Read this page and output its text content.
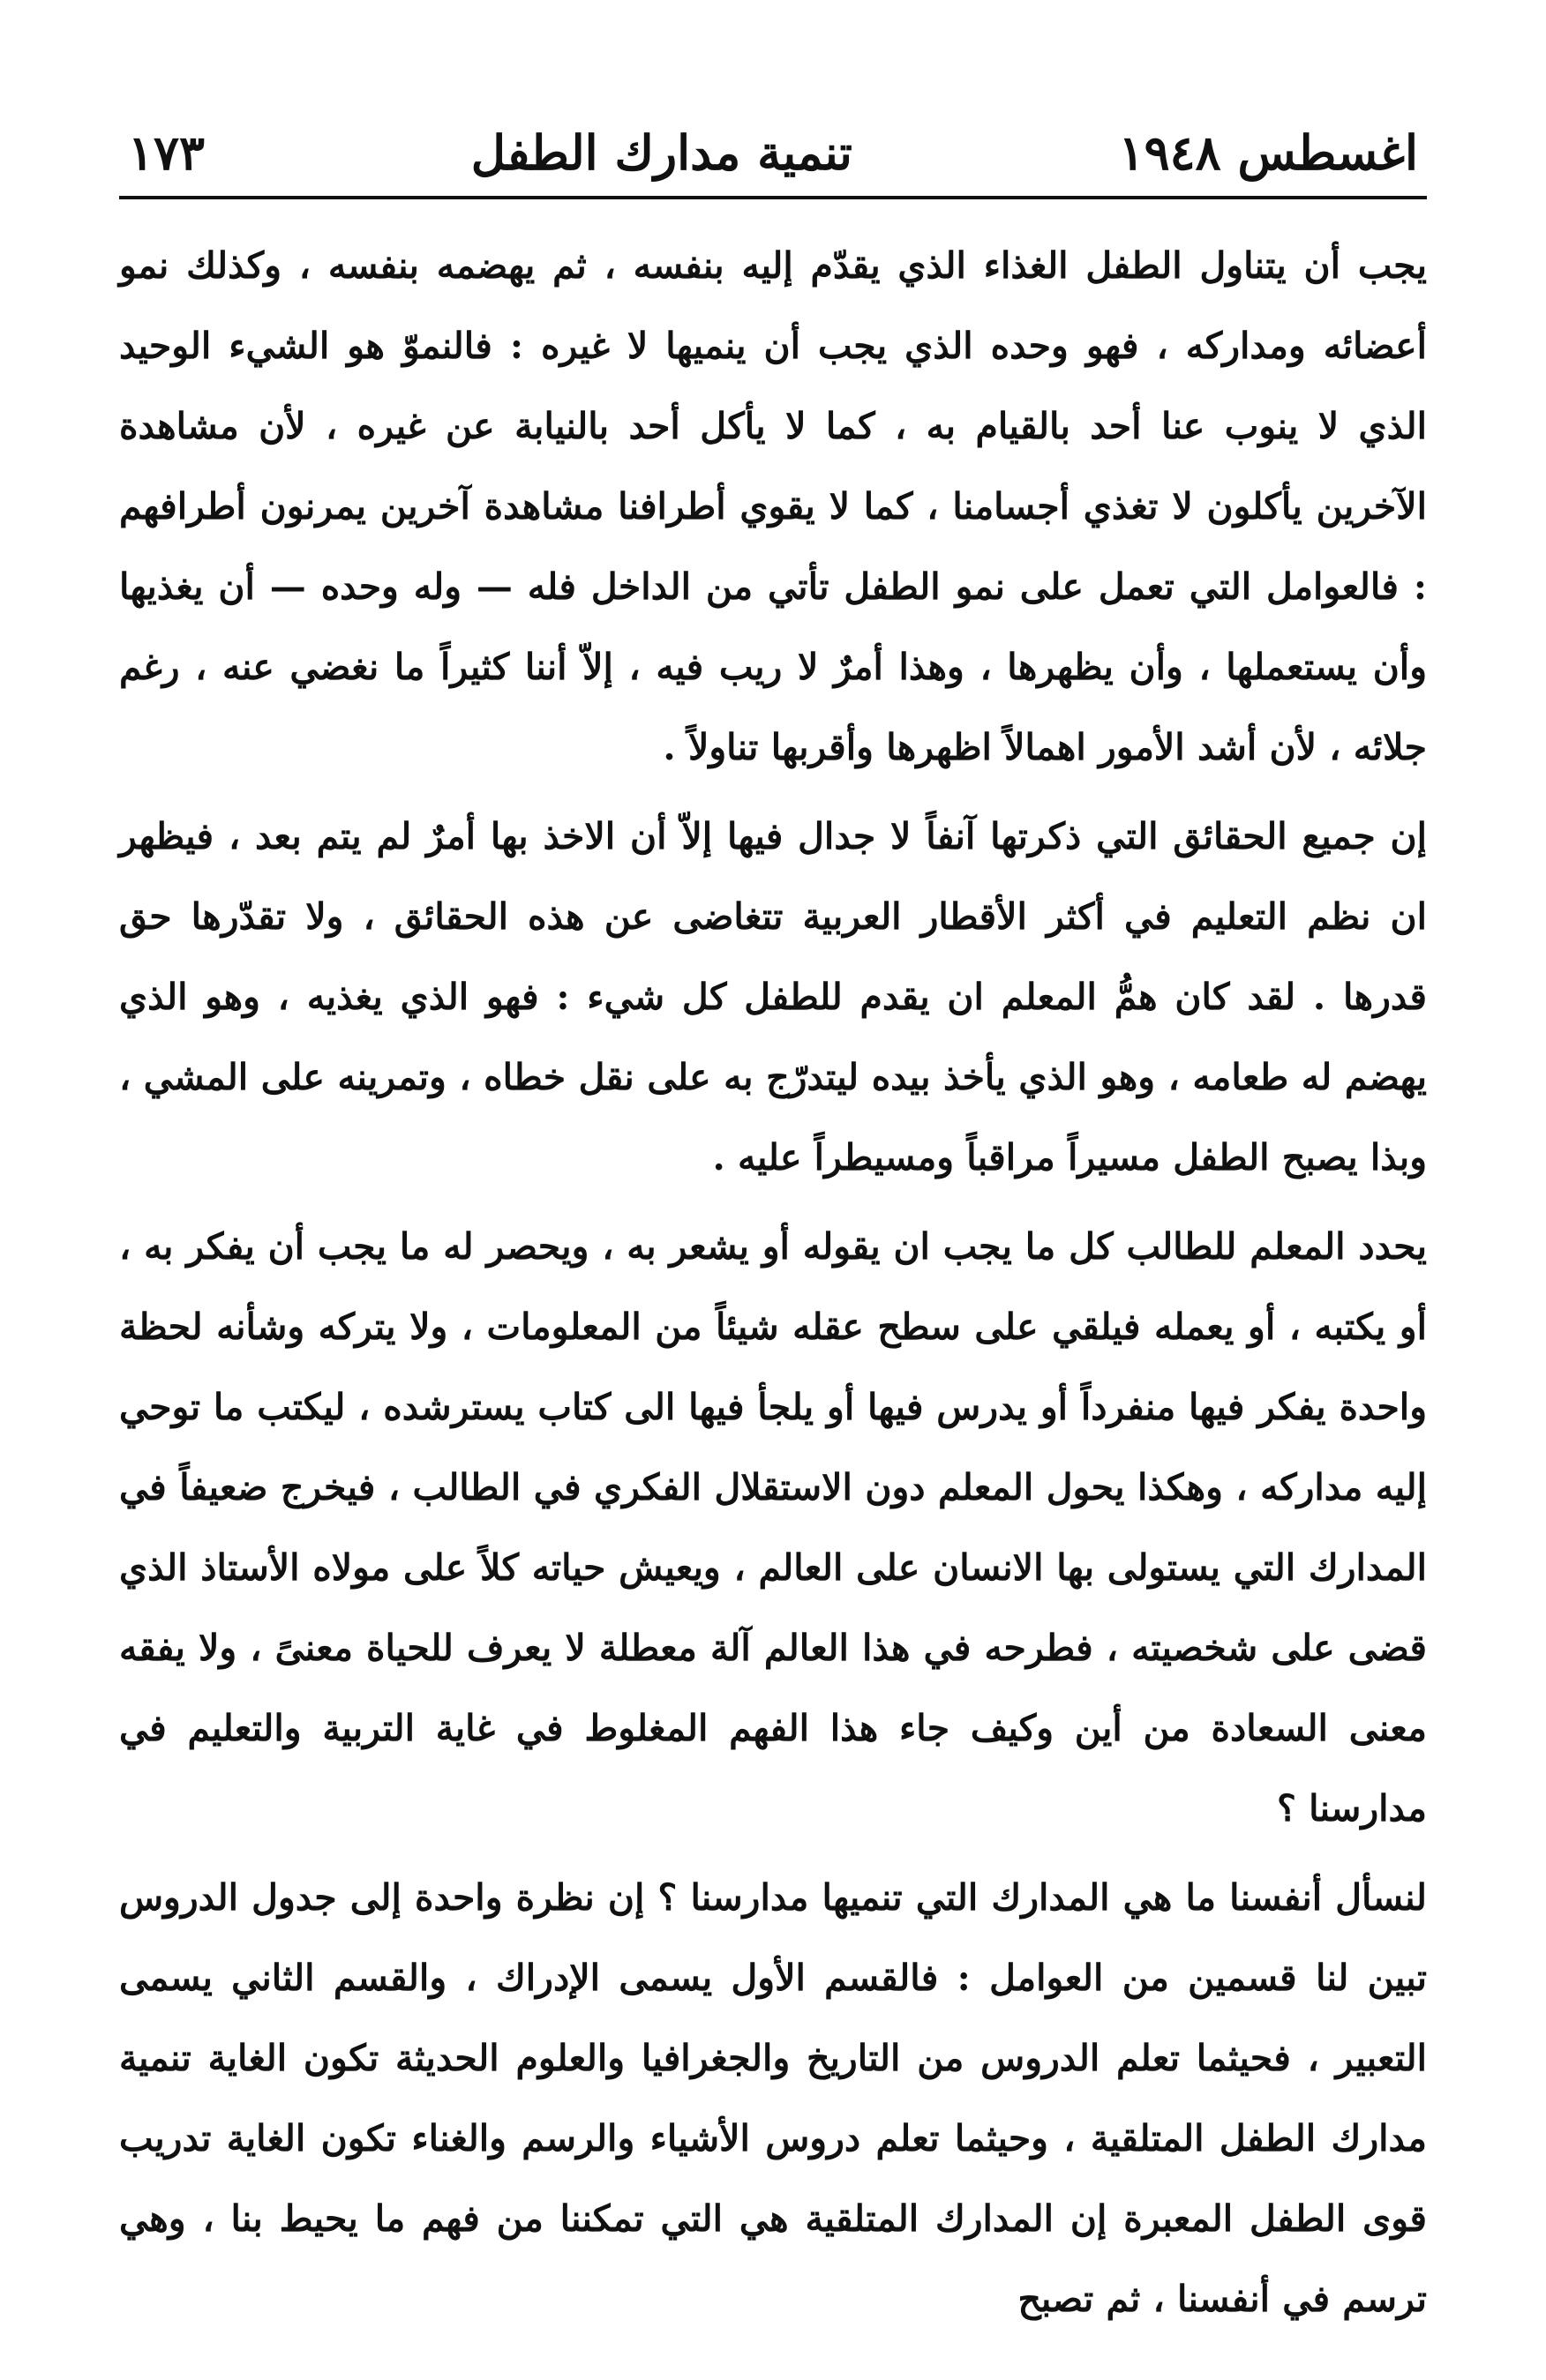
اغسطس ١٩٤٨
تنمية مدارك الطفل
١٧٣

يجب أن يتناول الطفل الغذاء الذي يقدّم إليه بنفسه ، ثم يهضمه بنفسه ، وكذلك نمو أعضائه ومداركه ، فهو وحده الذي يجب أن ينميها لا غيره : فالنموّ هو الشيء الوحيد الذي لا ينوب عنا أحد بالقيام به ، كما لا يأكل أحد بالنيابة عن غيره ، لأن مشاهدة الآخرين يأكلون لا تغذي أجسامنا ، كما لا يقوي أطرافنا مشاهدة آخرين يمرنون أطرافهم : فالعوامل التي تعمل على نمو الطفل تأتي من الداخل فله — وله وحده — أن يغذيها وأن يستعملها ، وأن يظهرها ، وهذا أمرٌ لا ريب فيه ، إلاّ أننا كثيراً ما نغضي عنه ، رغم جلائه ، لأن أشد الأمور اهمالاً اظهرها وأقربها تناولاً .

إن جميع الحقائق التي ذكرتها آنفاً لا جدال فيها إلاّ أن الاخذ بها أمرٌ لم يتم بعد ، فيظهر ان نظم التعليم في أكثر الأقطار العربية تتغاضى عن هذه الحقائق ، ولا تقدّرها حق قدرها . لقد كان همُّ المعلم ان يقدم للطفل كل شيء : فهو الذي يغذيه ، وهو الذي يهضم له طعامه ، وهو الذي يأخذ بيده ليتدرّج به على نقل خطاه ، وتمرينه على المشي ، وبذا يصبح الطفل مسيراً مراقباً ومسيطراً عليه .

يحدد المعلم للطالب كل ما يجب ان يقوله أو يشعر به ، ويحصر له ما يجب أن يفكر به ، أو يكتبه ، أو يعمله فيلقي على سطح عقله شيئاً من المعلومات ، ولا يتركه وشأنه لحظة واحدة يفكر فيها منفرداً أو يدرس فيها أو يلجأ فيها الى كتاب يسترشده ، ليكتب ما توحي إليه مداركه ، وهكذا يحول المعلم دون الاستقلال الفكري في الطالب ، فيخرج ضعيفاً في المدارك التي يستولى بها الانسان على العالم ، ويعيش حياته كلاً على مولاه الأستاذ الذي قضى على شخصيته ، فطرحه في هذا العالم آلة معطلة لا يعرف للحياة معنىً ، ولا يفقه معنى السعادة من أين وكيف جاء هذا الفهم المغلوط في غاية التربية والتعليم في مدارسنا ؟

لنسأل أنفسنا ما هي المدارك التي تنميها مدارسنا ؟ إن نظرة واحدة إلى جدول الدروس تبين لنا قسمين من العوامل : فالقسم الأول يسمى الإدراك ، والقسم الثاني يسمى التعبير ، فحيثما تعلم الدروس من التاريخ والجغرافيا والعلوم الحديثة تكون الغاية تنمية مدارك الطفل المتلقية ، وحيثما تعلم دروس الأشياء والرسم والغناء تكون الغاية تدريب قوى الطفل المعبرة إن المدارك المتلقية هي التي تمكننا من فهم ما يحيط بنا ، وهي ترسم في أنفسنا ، ثم تصبح
